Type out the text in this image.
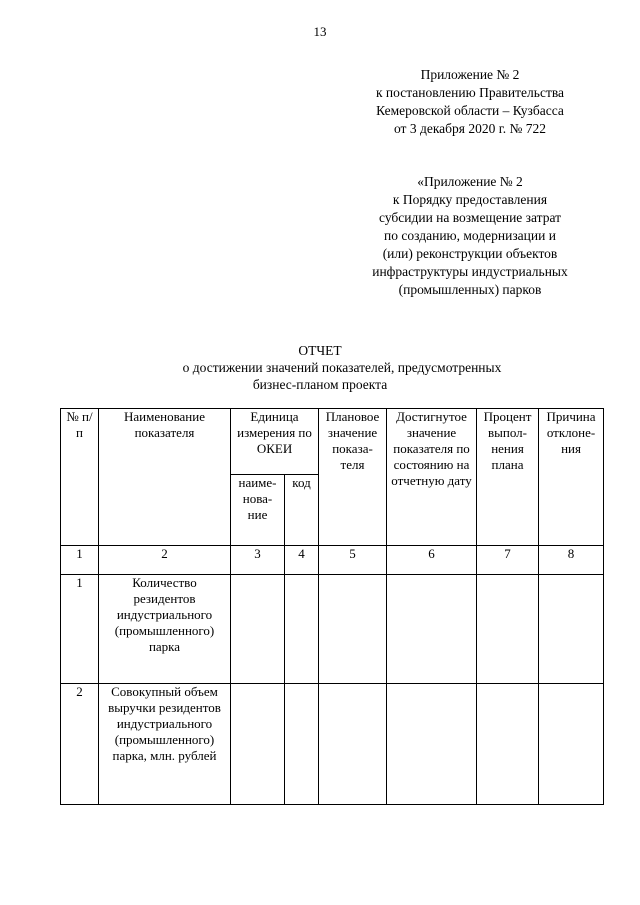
13
Приложение № 2
к постановлению Правительства
Кемеровской области – Кузбасса
от 3 декабря 2020 г. № 722
«Приложение № 2
к Порядку предоставления
субсидии на возмещение затрат
по созданию, модернизации и
(или) реконструкции объектов
инфраструктуры индустриальных
(промышленных) парков
ОТЧЕТ
о достижении значений показателей, предусмотренных
бизнес-планом проекта
№ п/п	Наименование показателя	Единица измерения по ОКЕИ		Плановое значение показа-теля	Достигнутое значение показателя по состоянию на отчетную дату	Процент выпол-нения плана	Причина отклоне-ния
		наиме-нова-ние	код				
1	2	3	4	5	6	7	8
1	Количество резидентов индустриального (промышленного) парка						
2	Совокупный объем выручки резидентов индустриального (промышленного) парка, млн. рублей						
